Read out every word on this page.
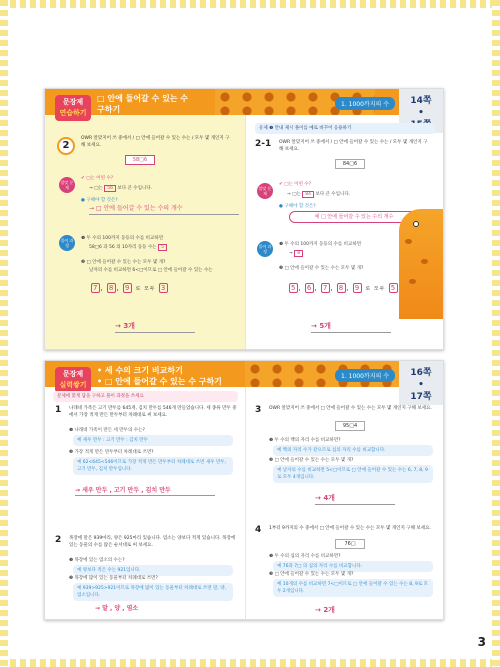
문장제
연습하기
□ 안에 들어갈 수 있는 수
구하기
1. 1000까지의 수	14쪽
•
2
OWR 알맞지어 쓰 중에서 / □ 안에 들어갈 수 있는 수는 / 모두 몇 개인지 구해 보세요.
58□6
알맞 문제
✔ □는 어떤 수?
→ □는 56 보다 큰 수입니다.
● 구해야 할 것은?
→ □ 안에 들어갈 수 있는 수의 개수
풀이 과정
❶ 두 수의 100까지 동등의 수를 비교하면
58□6 과 56 의 10자리 동등 수는 5
❷ □ 안에 들어갈 수 있는 수는 모두 몇 개?
날자의 수를 비교하면 6<□이므로 □ 안에 들어갈 수 있는 수는
7 , 8 , 9 로 모두 3
→ 3개
유제 ❶ 안내 제시 풀이를 예로 바꾸어 응용하기
2-1 OWR 알맞지어 쓰 중에서 / □ 안에 들어갈 수 있는 수는 / 모두 몇 개인지 구해 보세요.
84□6
알맞 문제
✔ □는 어떤 수?
→ □는 84 보다 큰 수입니다.
● 구해야 할 것은?
예 □ 안에 들어갈 수 있는 수의 개수
풀이 과정
❶ 두 수의 100까지 동등의 수를 비교하면
→ 8
❷ □ 안에 들어갈 수 있는 수는 모두 몇 개?
5 , 6 , 7 , 8 , 9 로 모두 5
→ 5개
문장제
실력쌓기
• 세 수의 크기 비교하기
• □ 안에 들어갈 수 있는 수 구하기
1. 1000까지의 수	16쪽
•
17쪽
문제에 맞게 답을 구하고 풀이 과정을 쓰세요
1 나래네 가족은 고기 만두를 645개, 김치 만두를 546개 만들었습니다. 세 종류 만두 중에서 가장 적게 만든 만두부터 차례대로 써 보세요.
❶ 나래네 가족이 만든 세 만두의 수는?
예 새우 만두 : 고기 만두 : 김치 만두
❷ 가장 적게 만든 만두부터 차례대로 쓰면?
예 62<645<546이므로 가장 적게 만든 만두부터 차례대로 쓰면 새우 만두, 고기 만두, 김치 만두입니다.
→ 새우 만두 , 고기 만두 , 김치 만두
2 목장에 말은 939마리, 양은 925마리 있습니다. 염소는 양보다 적게 있습니다. 목장에 있는 동물의 수를 많은 순서대로 써 보세요.
❶ 목장에 있는 염소의 수는?
예 양보다 적은 수는 921입니다.
❷ 목장에 많이 있는 동물부터 차례대로 쓰면?
예 939>925>921이므로 목장에 많이 있는 동물부터 차례대로 쓰면 말, 양, 염소입니다.
→ 말 , 양 , 염소
3 OWR 알맞지어 쓰 중에서 □ 안에 들어갈 수 있는 수는 모두 몇 개인지 구해 보세요.
95□4
❶ 두 수의 백의 자리 수를 비교하면?
예 백의 자리 수가 같으므로 십의 자리 수를 비교합니다.
❷ □ 안에 들어갈 수 있는 수는 모두 몇 개?
예 날자의 수를 비교하면 5<□이므로 □ 안에 들어갈 수 있는 수는 6, 7, 8, 9로 모두 4개입니다.
→ 4개
4 1부터 9까지의 수 중에서 □ 안에 들어갈 수 있는 수는 모두 몇 개인지 구해 보세요.
76□
❶ 두 수의 십의 자리 수를 비교하면?
예 76과 7□ 의 십의 자리 수를 비교합니다.
❷ □ 안에 들어갈 수 있는 수는 모두 몇 개?
예 10개의 수를 비교하면 7<□이므로 □ 안에 들어갈 수 있는 수는 8, 9로 모두 2개입니다.
→ 2개
3
